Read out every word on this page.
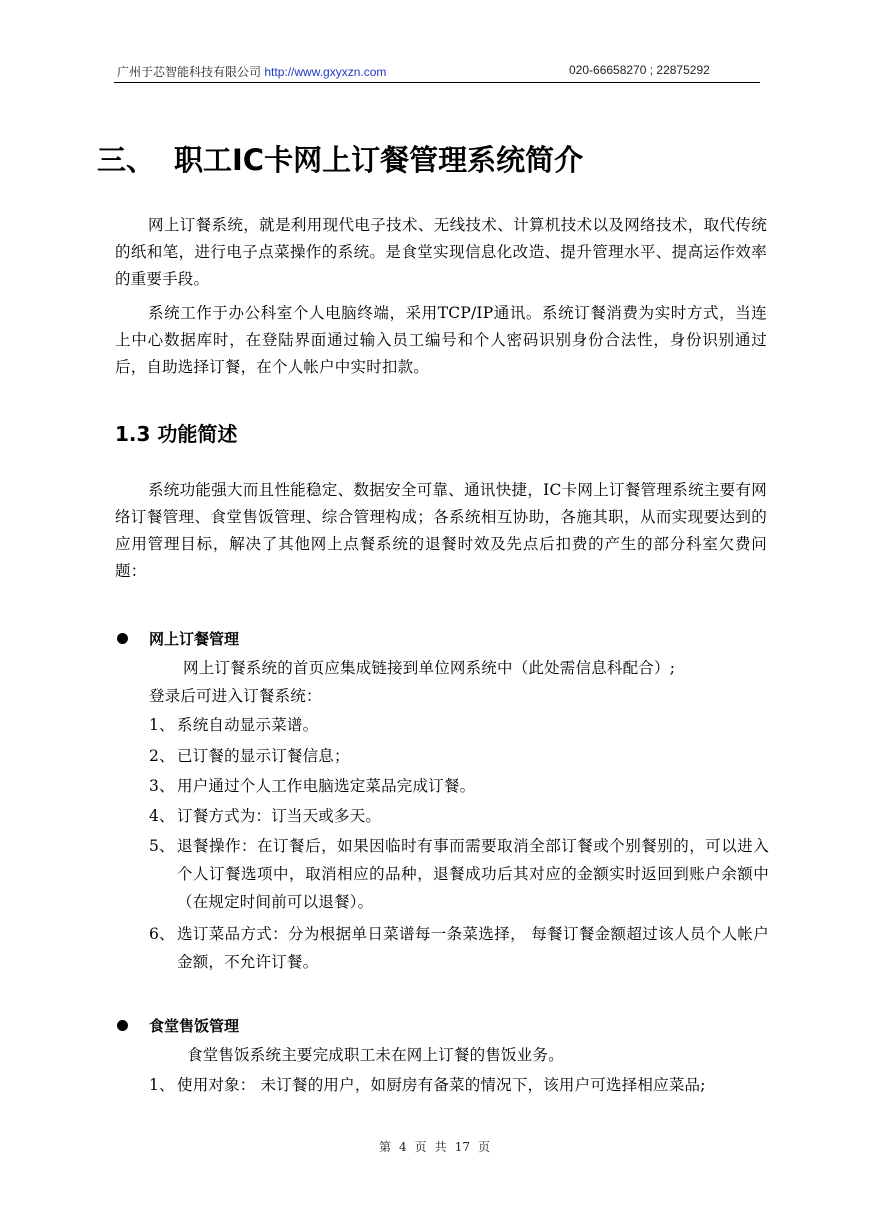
广州于芯智能科技有限公司 http://www.gxyxzn.com	020-66658270 ; 22875292
三、 职工IC卡网上订餐管理系统简介

网上订餐系统，就是利用现代电子技术、无线技术、计算机技术以及网络技术，取代传统的纸和笔，进行电子点菜操作的系统。是食堂实现信息化改造、提升管理水平、提高运作效率的重要手段。

系统工作于办公科室个人电脑终端，采用TCP/IP通讯。系统订餐消费为实时方式，当连上中心数据库时，在登陆界面通过输入员工编号和个人密码识别身份合法性，身份识别通过后，自助选择订餐，在个人帐户中实时扣款。

1.3 功能简述

系统功能强大而且性能稳定、数据安全可靠、通讯快捷，IC卡网上订餐管理系统主要有网络订餐管理、食堂售饭管理、综合管理构成；各系统相互协助，各施其职，从而实现要达到的应用管理目标，解决了其他网上点餐系统的退餐时效及先点后扣费的产生的部分科室欠费问题：

网上订餐管理
网上订餐系统的首页应集成链接到单位网系统中（此处需信息科配合）;
登录后可进入订餐系统：
1、 系统自动显示菜谱。
2、 已订餐的显示订餐信息；
3、 用户通过个人工作电脑选定菜品完成订餐。
4、 订餐方式为：订当天或多天。
5、 退餐操作：在订餐后，如果因临时有事而需要取消全部订餐或个别餐别的，可以进入个人订餐选项中，取消相应的品种，退餐成功后其对应的金额实时返回到账户余额中（在规定时间前可以退餐）。
6、 选订菜品方式：分为根据单日菜谱每一条菜选择， 每餐订餐金额超过该人员个人帐户金额，不允许订餐。
食堂售饭管理
食堂售饭系统主要完成职工未在网上订餐的售饭业务。
1、 使用对象： 未订餐的用户，如厨房有备菜的情况下，该用户可选择相应菜品;
第 4 页 共 17 页
